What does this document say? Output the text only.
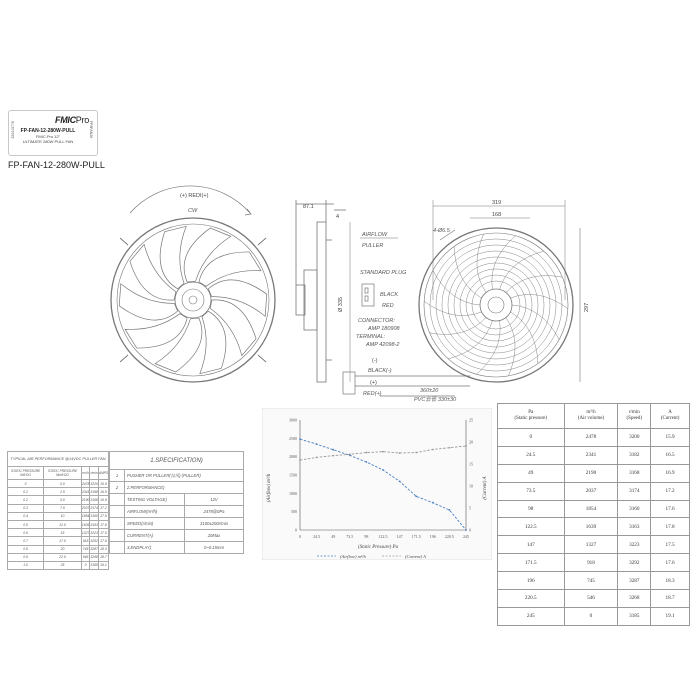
220415776
FMICPro
FP-FAN-12-280W-PULL
FMIC.Pro 12"
ULTIMATE 280W PULL FAN
FP8FAN28
FP-FAN-12-280W-PULL
(+) REDI(+)
CW
87.1
4
Ø 335
AIRFLOW
PULLER
STANDARD PLUG
BLACK
RED
CONNECTOR:
AMP 180908
TERMINAL:
AMP 42098-2
(-)
BLACK(-)
(+)
RED(+)	360±20
PVC套管 330±30
319
168
4-Ø6.5
297
TYPICAL AIR PERFORMANCE @14VDC PULLER FAN				
STATIC PRESSURE IN/H2O	STATIC PRESSURE Mm/H2O	m³/h	r/min	AMPS
0	0.0	2478	3220	15.9
0.1	2.5	2341	3198	16.5
0.2	5.0	2190	3168	16.9
0.3	7.5	2037	3174	17.2
0.4	10	1854	3160	17.6
0.5	12.5	1639	3163	17.8
0.6	15	1327	3223	17.5
0.7	17.5	918	3252	17.6
0.8	20	745	3287	18.3
0.9	22.5	546	3268	18.7
1.0	25	0	3185	19.1
1.SPECIFICATION)		
1	PUSHER OR PULLER(拉风) (PULLER)	
2	2.PERFORMANCE)	
	TESTING VOLTAGE)	12V
	AIRFLOW(m³/h)	2478@0Pa
	SPEED(r/min)	3100±200r/min
	CURRENT(A)	20Max
	3.ENDPLAY)	0~0.15mm
0
500
1000
1500
2000
2500
3000
0
5
10
15
20
25
0	24.5	49	73.5	98	122.5 147 171.5 196 220.5 245
(Airflow) m³/h	(Current) A
(Static Pressure) Pa
(Airflow) m³/h	(Current) A
Pa
(Static pressure)	m³/h
(Air volume)	r/min
(Speed)	A
(Current)
0	2478	3200	15.9
24.5	2341	3182	16.5
49	2190	3168	16.9
73.5	2037	3174	17.2
98	1854	3160	17.6
122.5	1639	3163	17.8
147	1327	3223	17.5
171.5	918	3292	17.6
196	745	3287	18.3
220.5	546	3268	18.7
245	0	3185	19.1
